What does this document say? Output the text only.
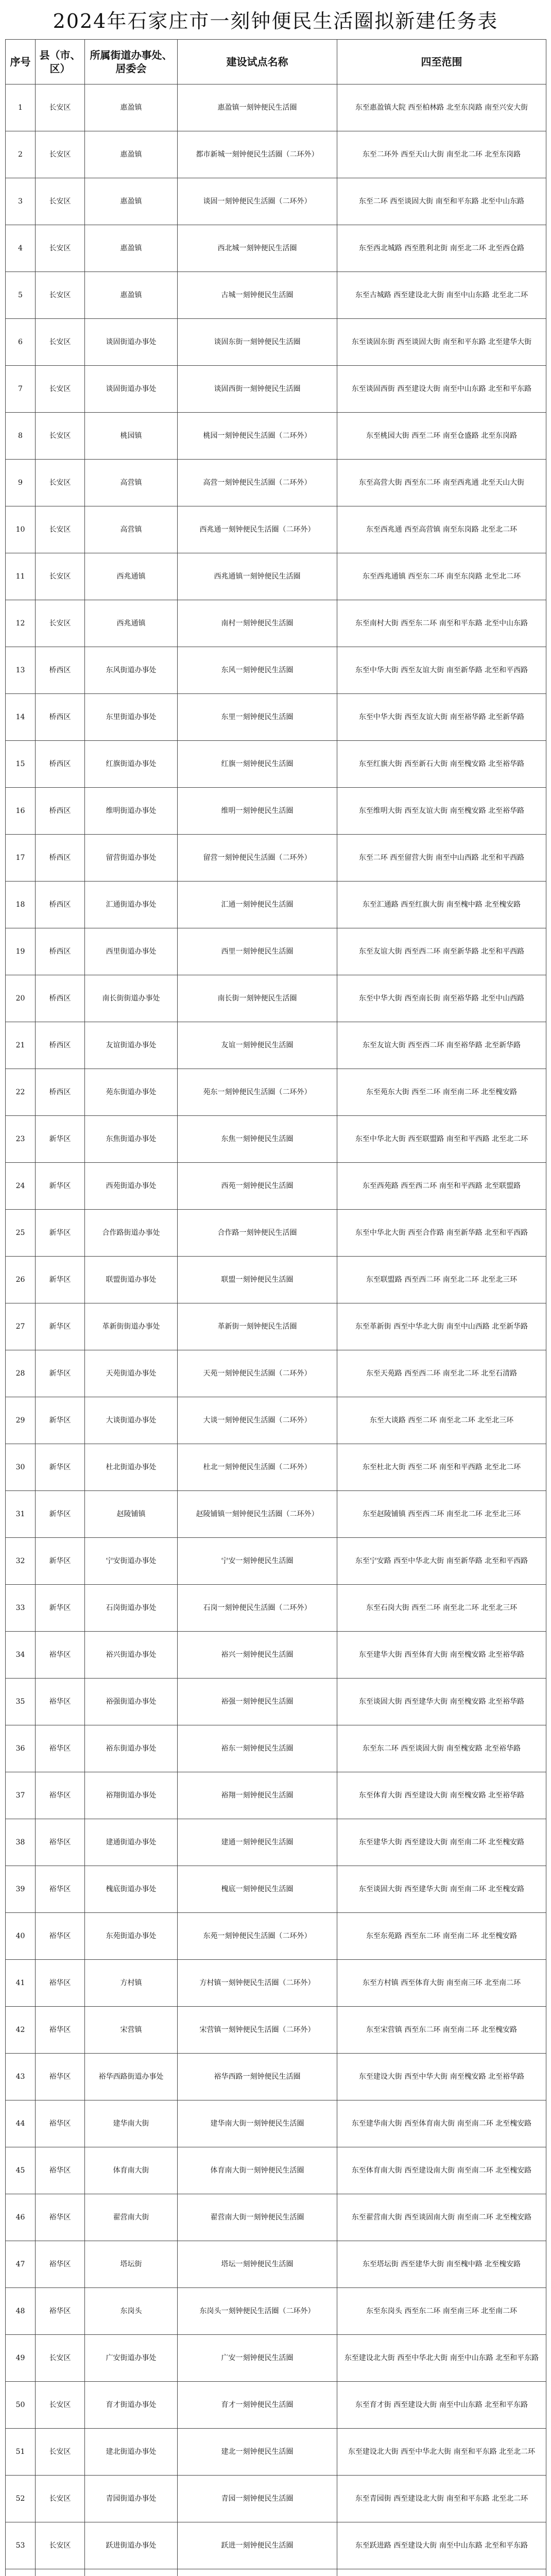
2024年石家庄市一刻钟便民生活圈拟新建任务表
序号	县（市、区）	所属街道办事处、居委会	建设试点名称	四至范围
1	长安区	惠盈镇	惠盈镇一刻钟便民生活圈	东至惠盈镇大院 西至柏林路 北至东岗路 南至兴安大街
2	长安区	惠盈镇	都市新城一刻钟便民生活圈（二环外）	东至二环外 西至天山大街 南至北二环 北至东岗路
3	长安区	惠盈镇	谈固一刻钟便民生活圈（二环外）	东至二环 西至谈固大街 南至和平东路 北至中山东路
4	长安区	惠盈镇	西北城一刻钟便民生活圈	东至西北城路 西至胜利北街 南至北二环 北至西仓路
5	长安区	惠盈镇	古城一刻钟便民生活圈	东至古城路 西至建设北大街 南至中山东路 北至北二环
6	长安区	谈固街道办事处	谈固东街一刻钟便民生活圈	东至谈固东街 西至谈固大街 南至和平东路 北至建华大街
7	长安区	谈固街道办事处	谈固西街一刻钟便民生活圈	东至谈固西街 西至建设大街 南至中山东路 北至和平东路
8	长安区	桃园镇	桃园一刻钟便民生活圈（二环外）	东至桃园大街 西至二环 南至仓盛路 北至东岗路
9	长安区	高营镇	高营一刻钟便民生活圈（二环外）	东至高营大街 西至东二环 南至西兆通 北至天山大街
10	长安区	高营镇	西兆通一刻钟便民生活圈（二环外）	东至西兆通 西至高营镇 南至东岗路 北至北二环
11	长安区	西兆通镇	西兆通镇一刻钟便民生活圈	东至西兆通镇 西至东二环 南至东岗路 北至北二环
12	长安区	西兆通镇	南村一刻钟便民生活圈	东至南村大街 西至东二环 南至和平东路 北至中山东路
13	桥西区	东风街道办事处	东风一刻钟便民生活圈	东至中华大街 西至友谊大街 南至新华路 北至和平西路
14	桥西区	东里街道办事处	东里一刻钟便民生活圈	东至中华大街 西至友谊大街 南至裕华路 北至新华路
15	桥西区	红旗街道办事处	红旗一刻钟便民生活圈	东至红旗大街 西至新石大街 南至槐安路 北至裕华路
16	桥西区	维明街道办事处	维明一刻钟便民生活圈	东至维明大街 西至友谊大街 南至槐安路 北至裕华路
17	桥西区	留营街道办事处	留营一刻钟便民生活圈（二环外）	东至二环 西至留营大街 南至中山西路 北至和平西路
18	桥西区	汇通街道办事处	汇通一刻钟便民生活圈	东至汇通路 西至红旗大街 南至槐中路 北至槐安路
19	桥西区	西里街道办事处	西里一刻钟便民生活圈	东至友谊大街 西至西二环 南至新华路 北至和平西路
20	桥西区	南长街街道办事处	南长街一刻钟便民生活圈	东至中华大街 西至南长街 南至裕华路 北至中山西路
21	桥西区	友谊街道办事处	友谊一刻钟便民生活圈	东至友谊大街 西至西二环 南至裕华路 北至新华路
22	桥西区	苑东街道办事处	苑东一刻钟便民生活圈（二环外）	东至苑东大街 西至二环 南至南二环 北至槐安路
23	新华区	东焦街道办事处	东焦一刻钟便民生活圈	东至中华北大街 西至联盟路 南至和平西路 北至北二环
24	新华区	西苑街道办事处	西苑一刻钟便民生活圈	东至西苑路 西至西二环 南至和平西路 北至联盟路
25	新华区	合作路街道办事处	合作路一刻钟便民生活圈	东至中华北大街 西至合作路 南至新华路 北至和平西路
26	新华区	联盟街道办事处	联盟一刻钟便民生活圈	东至联盟路 西至西二环 南至北二环 北至北三环
27	新华区	革新街街道办事处	革新街一刻钟便民生活圈	东至革新街 西至中华北大街 南至中山西路 北至新华路
28	新华区	天苑街道办事处	天苑一刻钟便民生活圈（二环外）	东至天苑路 西至西二环 南至北二环 北至石清路
29	新华区	大谈街道办事处	大谈一刻钟便民生活圈（二环外）	东至大谈路 西至二环 南至北二环 北至北三环
30	新华区	杜北街道办事处	杜北一刻钟便民生活圈（二环外）	东至杜北大街 西至二环 南至和平西路 北至北二环
31	新华区	赵陵铺镇	赵陵铺镇一刻钟便民生活圈（二环外）	东至赵陵铺镇 西至西二环 南至北二环 北至北三环
32	新华区	宁安街道办事处	宁安一刻钟便民生活圈	东至宁安路 西至中华北大街 南至新华路 北至和平西路
33	新华区	石岗街道办事处	石岗一刻钟便民生活圈（二环外）	东至石岗大街 西至二环 南至北二环 北至北三环
34	裕华区	裕兴街道办事处	裕兴一刻钟便民生活圈	东至建华大街 西至体育大街 南至槐安路 北至裕华路
35	裕华区	裕强街道办事处	裕强一刻钟便民生活圈	东至谈固大街 西至建华大街 南至槐安路 北至裕华路
36	裕华区	裕东街道办事处	裕东一刻钟便民生活圈	东至东二环 西至谈固大街 南至槐安路 北至裕华路
37	裕华区	裕翔街道办事处	裕翔一刻钟便民生活圈	东至体育大街 西至建设大街 南至槐安路 北至裕华路
38	裕华区	建通街道办事处	建通一刻钟便民生活圈	东至建华大街 西至建设大街 南至南二环 北至槐安路
39	裕华区	槐底街道办事处	槐底一刻钟便民生活圈	东至谈固大街 西至建华大街 南至南二环 北至槐安路
40	裕华区	东苑街道办事处	东苑一刻钟便民生活圈（二环外）	东至东苑路 西至东二环 南至南二环 北至槐安路
41	裕华区	方村镇	方村镇一刻钟便民生活圈（二环外）	东至方村镇 西至体育大街 南至南三环 北至南二环
42	裕华区	宋营镇	宋营镇一刻钟便民生活圈（二环外）	东至宋营镇 西至东二环 南至南二环 北至槐安路
43	裕华区	裕华西路街道办事处	裕华西路一刻钟便民生活圈	东至建设大街 西至中华大街 南至槐安路 北至裕华路
44	裕华区	建华南大街	建华南大街一刻钟便民生活圈	东至建华南大街 西至体育南大街 南至南二环 北至槐安路
45	裕华区	体育南大街	体育南大街一刻钟便民生活圈	东至体育南大街 西至建设南大街 南至南二环 北至槐安路
46	裕华区	翟营南大街	翟营南大街一刻钟便民生活圈	东至翟营南大街 西至谈固南大街 南至南二环 北至槐安路
47	裕华区	塔坛街	塔坛一刻钟便民生活圈	东至塔坛街 西至建华大街 南至槐中路 北至槐安路
48	裕华区	东岗头	东岗头一刻钟便民生活圈（二环外）	东至东岗头 西至东二环 南至南三环 北至南二环
49	长安区	广安街道办事处	广安一刻钟便民生活圈	东至建设北大街 西至中华北大街 南至中山东路 北至和平东路
50	长安区	育才街道办事处	育才一刻钟便民生活圈	东至育才街 西至建设大街 南至中山东路 北至和平东路
51	长安区	建北街道办事处	建北一刻钟便民生活圈	东至建设北大街 西至中华北大街 南至和平东路 北至北二环
52	长安区	青园街道办事处	青园一刻钟便民生活圈	东至青园街 西至建设北大街 南至和平东路 北至北二环
53	长安区	跃进街道办事处	跃进一刻钟便民生活圈	东至跃进路 西至建设大街 南至中山东路 北至和平东路
